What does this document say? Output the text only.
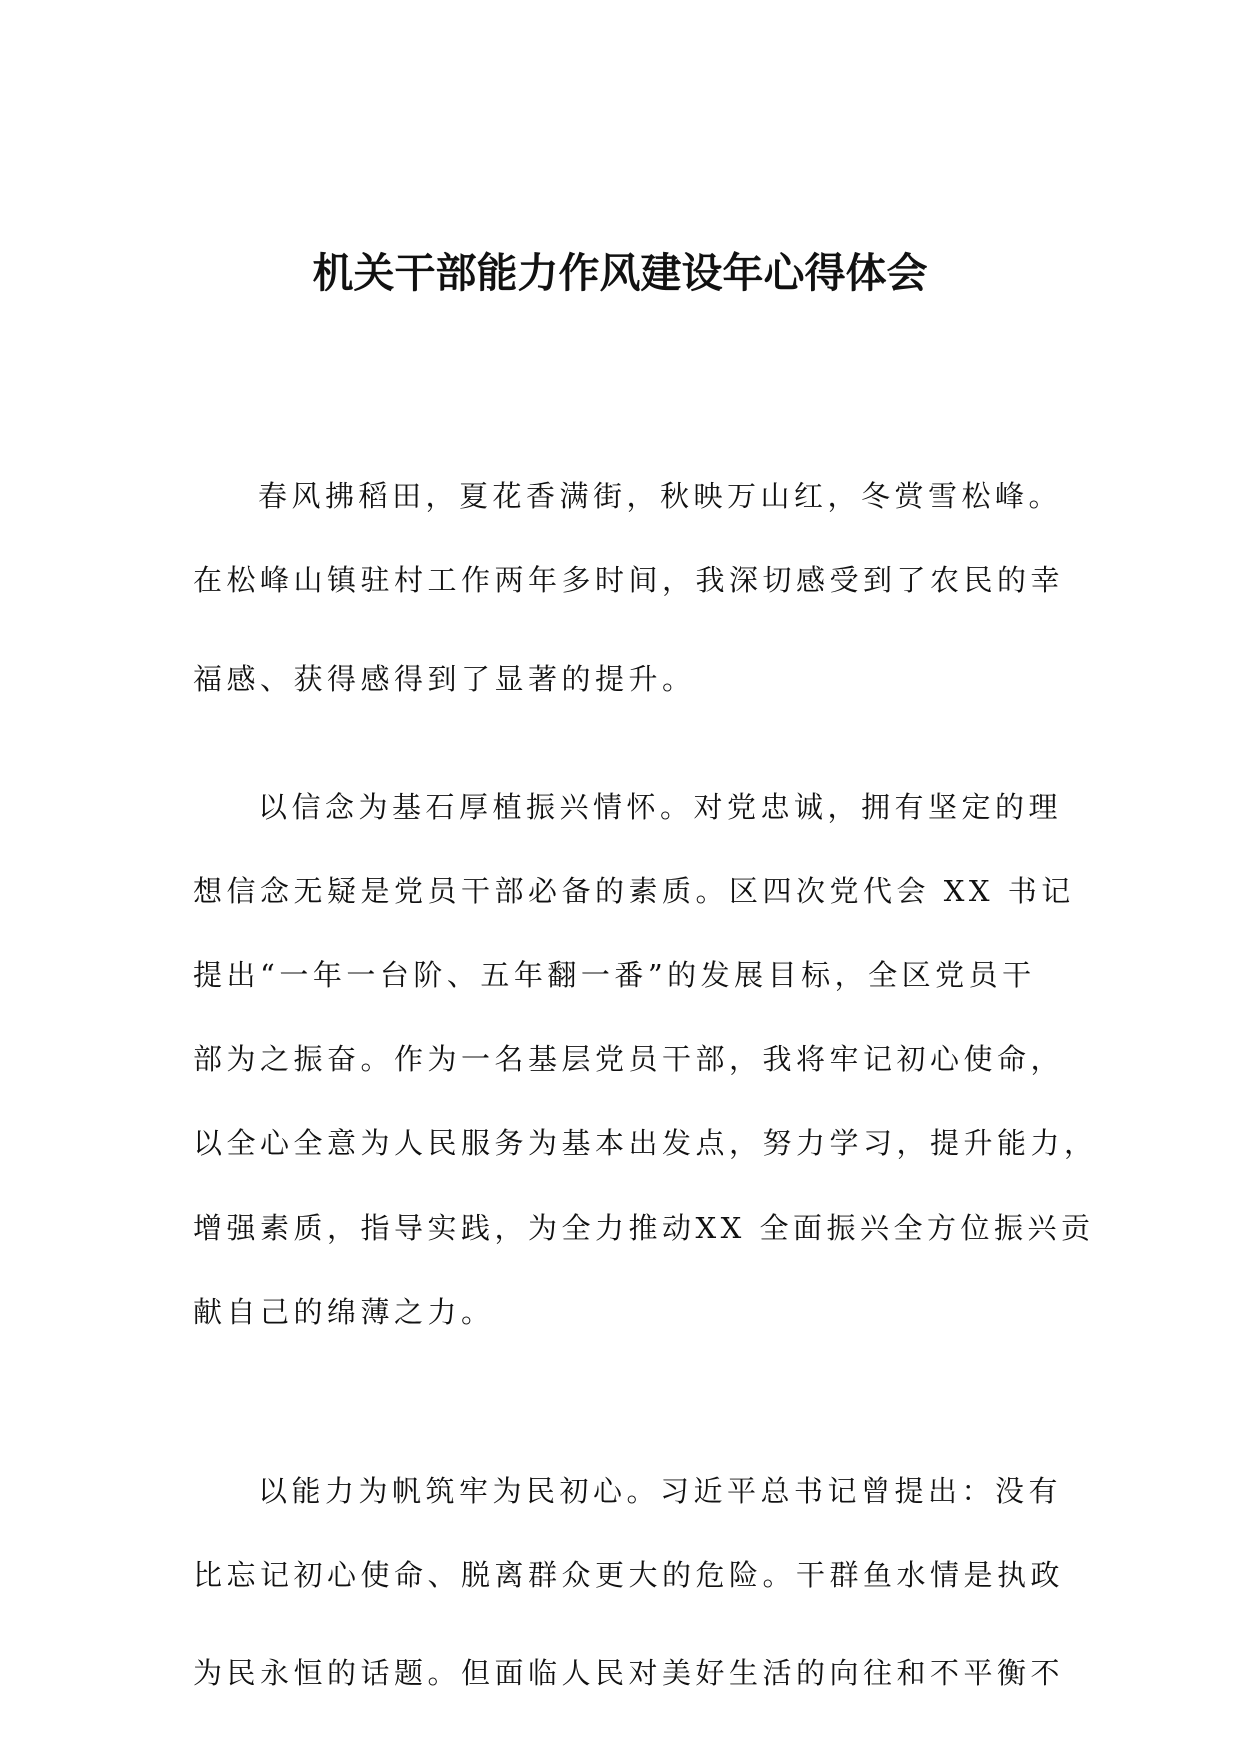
机关干部能力作风建设年心得体会
春风拂稻田，夏花香满街，秋映万山红，冬赏雪松峰。
在松峰山镇驻村工作两年多时间，我深切感受到了农民的幸
福感、获得感得到了显著的提升。
以信念为基石厚植振兴情怀。对党忠诚，拥有坚定的理
想信念无疑是党员干部必备的素质。区四次党代会 XX 书记
提出“一年一台阶、五年翻一番”的发展目标，全区党员干
部为之振奋。作为一名基层党员干部，我将牢记初心使命，
以全心全意为人民服务为基本出发点，努力学习，提升能力，
增强素质，指导实践，为全力推动XX 全面振兴全方位振兴贡
献自己的绵薄之力。
以能力为帆筑牢为民初心。习近平总书记曾提出：没有
比忘记初心使命、脱离群众更大的危险。干群鱼水情是执政
为民永恒的话题。但面临人民对美好生活的向往和不平衡不
